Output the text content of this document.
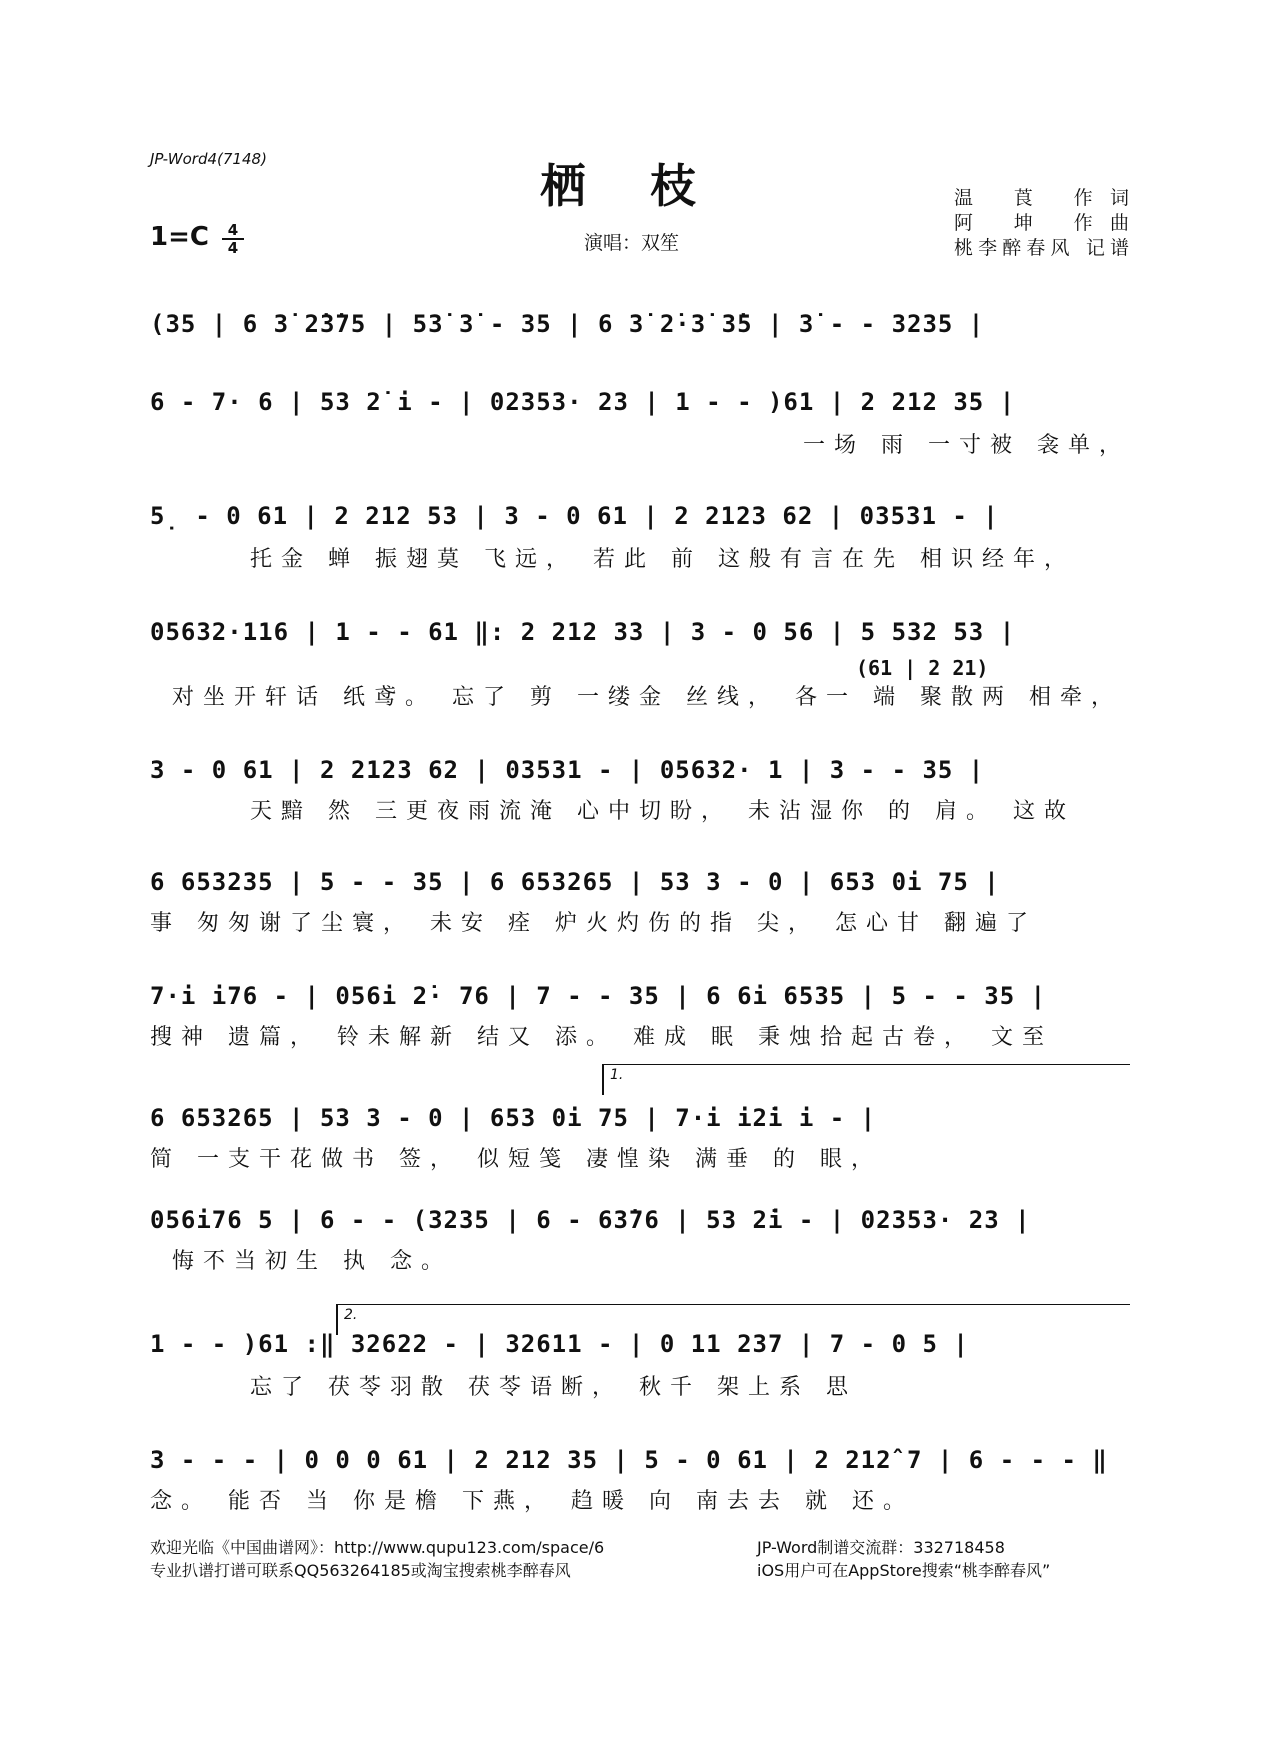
JP-Word4(7148)	栖枝
1=C	4
4	演唱：双笙
温 莨 作词
阿 坤 作曲
桃李醉春风 记谱
(35 | 6 3̇ 2̇3̇75 | 53̇ 3̇ - 35 | 6 3̇ 2̇·3̇ 3̇5 | 3̇ - - 3235 |
6 - 7· 6 | 53 2̇ i - | 02353· 23 | 1 - - )61 | 2 212 35 |
一场 雨 一寸被 衾单，
5̣ - 0 61 | 2 212 53 | 3 - 0 61 | 2 2123 62 | 03531 - |
托金 蝉 振翅莫 飞远， 若此 前 这般有言在先 相识经年，
05632·116 | 1 - - 61 ‖: 2 212 33 | 3 - 0 56 | 5 532 53 |
(61 | 2 21)
对坐开轩话 纸鸢。 忘了 剪 一缕金 丝线， 各一 端 聚散两 相牵，
3 - 0 61 | 2 2123 62 | 03531 - | 05632· 1 | 3 - - 35 |
天黯 然 三更夜雨流淹 心中切盼， 未沾湿你 的 肩。 这故
6 653235 | 5 - - 35 | 6 653265 | 53 3 - 0 | 653 0i 75 |
事 匆匆谢了尘寰， 未安 痊 炉火灼伤的指 尖， 怎心甘 翻遍了
7·i i76 - | 056i 2̇· 76 | 7 - - 35 | 6 6i 6535 | 5 - - 35 |
搜神 遗篇， 铃未解新 结又 添。 难成 眠 秉烛拾起古卷， 文至
1.
6 653265 | 53 3 - 0 | 653 0i 75 | 7·i i2̇i i - |
简 一支干花做书 签， 似短笺 凄惶染 满垂 的 眼，
056i76 5 | 6 - - (3235 | 6 - 63̇76 | 53 2̇i - | 02353· 23 |
悔不当初生 执 念。
2.
1 - - )61 :‖ 32622 - | 32611 - | 0 11 237 | 7 - 0 5 |
忘了 茯苓羽散 茯苓语断， 秋千 架上系 思
3 - - - | 0 0 0 61 | 2 212 35 | 5 - 0 61 | 2 212̂ 7 | 6 - - - ‖
念。 能否 当 你是檐 下燕， 趋暖 向 南去去 就 还。
欢迎光临《中国曲谱网》：http://www.qupu123.com/space/6
专业扒谱打谱可联系QQ563264185或淘宝搜索桃李醉春风
JP-Word制谱交流群：332718458
iOS用户可在AppStore搜索“桃李醉春风”
